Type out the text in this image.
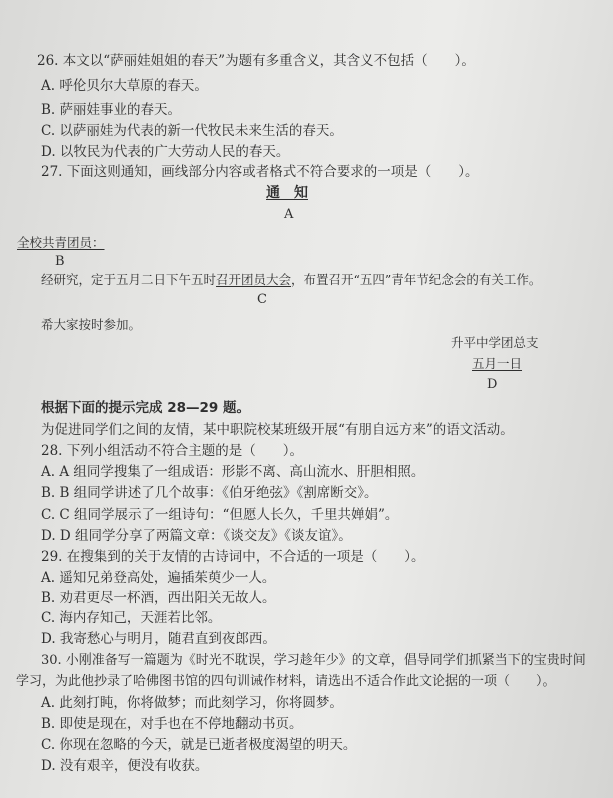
26. 本文以“萨丽娃姐姐的春天”为题有多重含义，其含义不包括（　　）。
A. 呼伦贝尔大草原的春天。
B. 萨丽娃事业的春天。
C. 以萨丽娃为代表的新一代牧民未来生活的春天。
D. 以牧民为代表的广大劳动人民的春天。
27. 下面这则通知，画线部分内容或者格式不符合要求的一项是（　　）。
通　知
A
全校共青团员：
B
经研究，定于五月二日下午五时召开团员大会，布置召开“五四”青年节纪念会的有关工作。
C
希大家按时参加。
升平中学团总支
五月一日
D
根据下面的提示完成 28—29 题。
为促进同学们之间的友情，某中职院校某班级开展“有朋自远方来”的语文活动。
28. 下列小组活动不符合主题的是（　　）。
A. A 组同学搜集了一组成语：形影不离、高山流水、肝胆相照。
B. B 组同学讲述了几个故事：《伯牙绝弦》《割席断交》。
C. C 组同学展示了一组诗句：“但愿人长久，千里共婵娟”。
D. D 组同学分享了两篇文章：《谈交友》《谈友谊》。
29. 在搜集到的关于友情的古诗词中，不合适的一项是（　　）。
A. 遥知兄弟登高处，遍插茱萸少一人。
B. 劝君更尽一杯酒，西出阳关无故人。
C. 海内存知己，天涯若比邻。
D. 我寄愁心与明月，随君直到夜郎西。
30. 小刚准备写一篇题为《时光不耽误，学习趁年少》的文章，倡导同学们抓紧当下的宝贵时间
学习，为此他抄录了哈佛图书馆的四句训诫作材料，请选出不适合作此文论据的一项（　　）。
A. 此刻打盹，你将做梦；而此刻学习，你将圆梦。
B. 即使是现在，对手也在不停地翻动书页。
C. 你现在忽略的今天，就是已逝者极度渴望的明天。
D. 没有艰辛，便没有收获。
